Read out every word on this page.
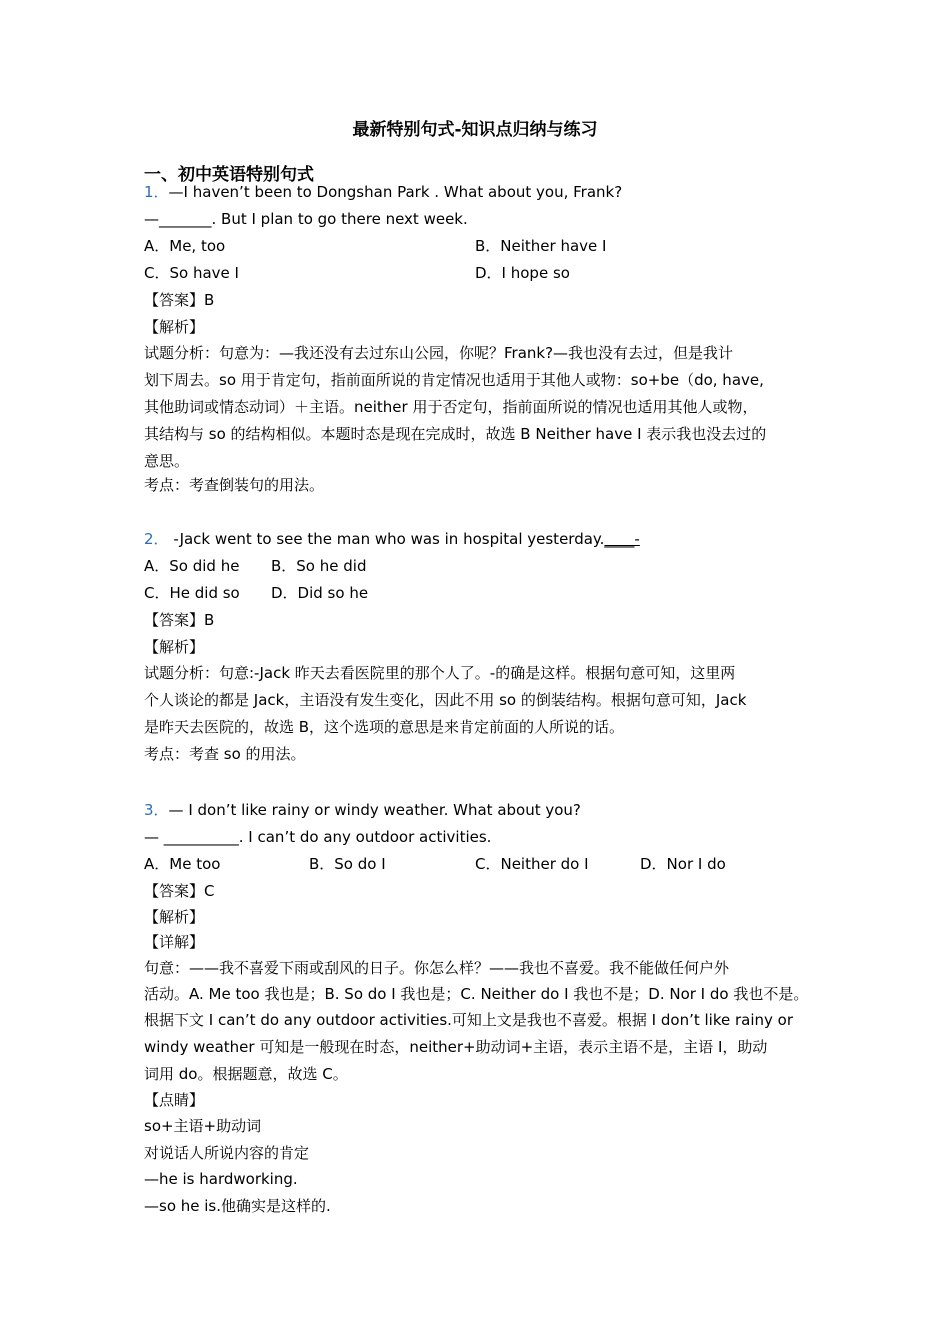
最新特别句式-知识点归纳与练习
一、初中英语特别句式
1．—I haven’t been to Dongshan Park . What about you, Frank?
—_______. But I plan to go there next week.
A．Me, too	B．Neither have I
C．So have I	D．I hope so
【答案】B
【解析】
试题分析：句意为：—我还没有去过东山公园，你呢？Frank?—我也没有去过，但是我计
划下周去。so 用于肯定句，指前面所说的肯定情况也适用于其他人或物：so+be（do, have,
其他助词或情态动词）＋主语。neither 用于否定句，指前面所说的情况也适用其他人或物，
其结构与 so 的结构相似。本题时态是现在完成时，故选 B Neither have I 表示我也没去过的
意思。
考点：考查倒装句的用法。
2． -Jack went to see the man who was in hospital yesterday.____-
A．So did he B．So he did
C．He did so D．Did so he
【答案】B
【解析】
试题分析：句意:-Jack 昨天去看医院里的那个人了。-的确是这样。根据句意可知，这里两
个人谈论的都是 Jack，主语没有发生变化，因此不用 so 的倒装结构。根据句意可知，Jack
是昨天去医院的，故选 B，这个选项的意思是来肯定前面的人所说的话。
考点：考查 so 的用法。
3．— I don’t like rainy or windy weather. What about you?
— __________. I can’t do any outdoor activities.
A．Me too	B．So do I	C．Neither do I	D．Nor I do
【答案】C
【解析】
【详解】
句意：——我不喜爱下雨或刮风的日子。你怎么样？——我也不喜爱。我不能做任何户外
活动。A. Me too 我也是；B. So do I 我也是；C. Neither do I 我也不是；D. Nor I do 我也不是。
根据下文 I can’t do any outdoor activities.可知上文是我也不喜爱。根据 I don’t like rainy or
windy weather 可知是一般现在时态，neither+助动词+主语，表示主语不是，主语 I，助动
词用 do。根据题意，故选 C。
【点睛】
so+主语+助动词
对说话人所说内容的肯定
—he is hardworking.
—so he is.他确实是这样的.
